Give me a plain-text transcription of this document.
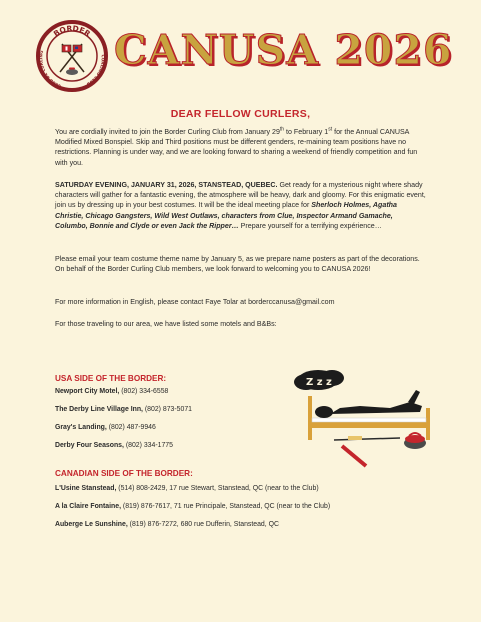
BORDER
CLUB DE CURLING
CURLING CLUB
CANUSA 2026
DEAR FELLOW CURLERS,

You are cordially invited to join the Border Curling Club from January 29th to February 1st for the Annual CANUSA Modified Mixed Bonspiel. Skip and Third positions must be different genders, re-maining team positions have no restrictions. Planning is under way, and we are looking forward to sharing a weekend of friendly competition and fun with you.

SATURDAY EVENING, JANUARY 31, 2026, STANSTEAD, QUEBEC. Get ready for a mysterious night where shady characters will gather for a fantastic evening, the atmosphere will be heavy, dark and gloomy. For this enigmatic event, join us by dressing up in your best costumes. It will be the ideal meeting place for Sherloch Holmes, Agatha Christie, Chicago Gangsters, Wild West Outlaws, characters from Clue, Inspector Armand Gamache, Columbo, Bonnie and Clyde or even Jack the Ripper… Prepare yourself for a terrifying expérience…

Please email your team costume theme name by January 5, as we prepare name posters as part of the decorations. On behalf of the Border Curling Club members, we look forward to welcoming you to CANUSA 2026!

For more information in English, please contact Faye Tolar at borderccanusa@gmail.com

For those traveling to our area, we have listed some motels and B&Bs:

USA SIDE OF THE BORDER:
Newport City Motel, (802) 334-6558
The Derby Line Village Inn, (802) 873-5071
Gray's Landing, (802) 487-9946
Derby Four Seasons, (802) 334-1775
CANADIAN SIDE OF THE BORDER:
L'Usine Stanstead, (514) 808-2429, 17 rue Stewart, Stanstead, QC (near to the Club)
A la Claire Fontaine, (819) 876-7617, 71 rue Principale, Stanstead, QC (near to the Club)
Auberge Le Sunshine, (819) 876-7272, 680 rue Dufferin, Stanstead, QC
Z z z
